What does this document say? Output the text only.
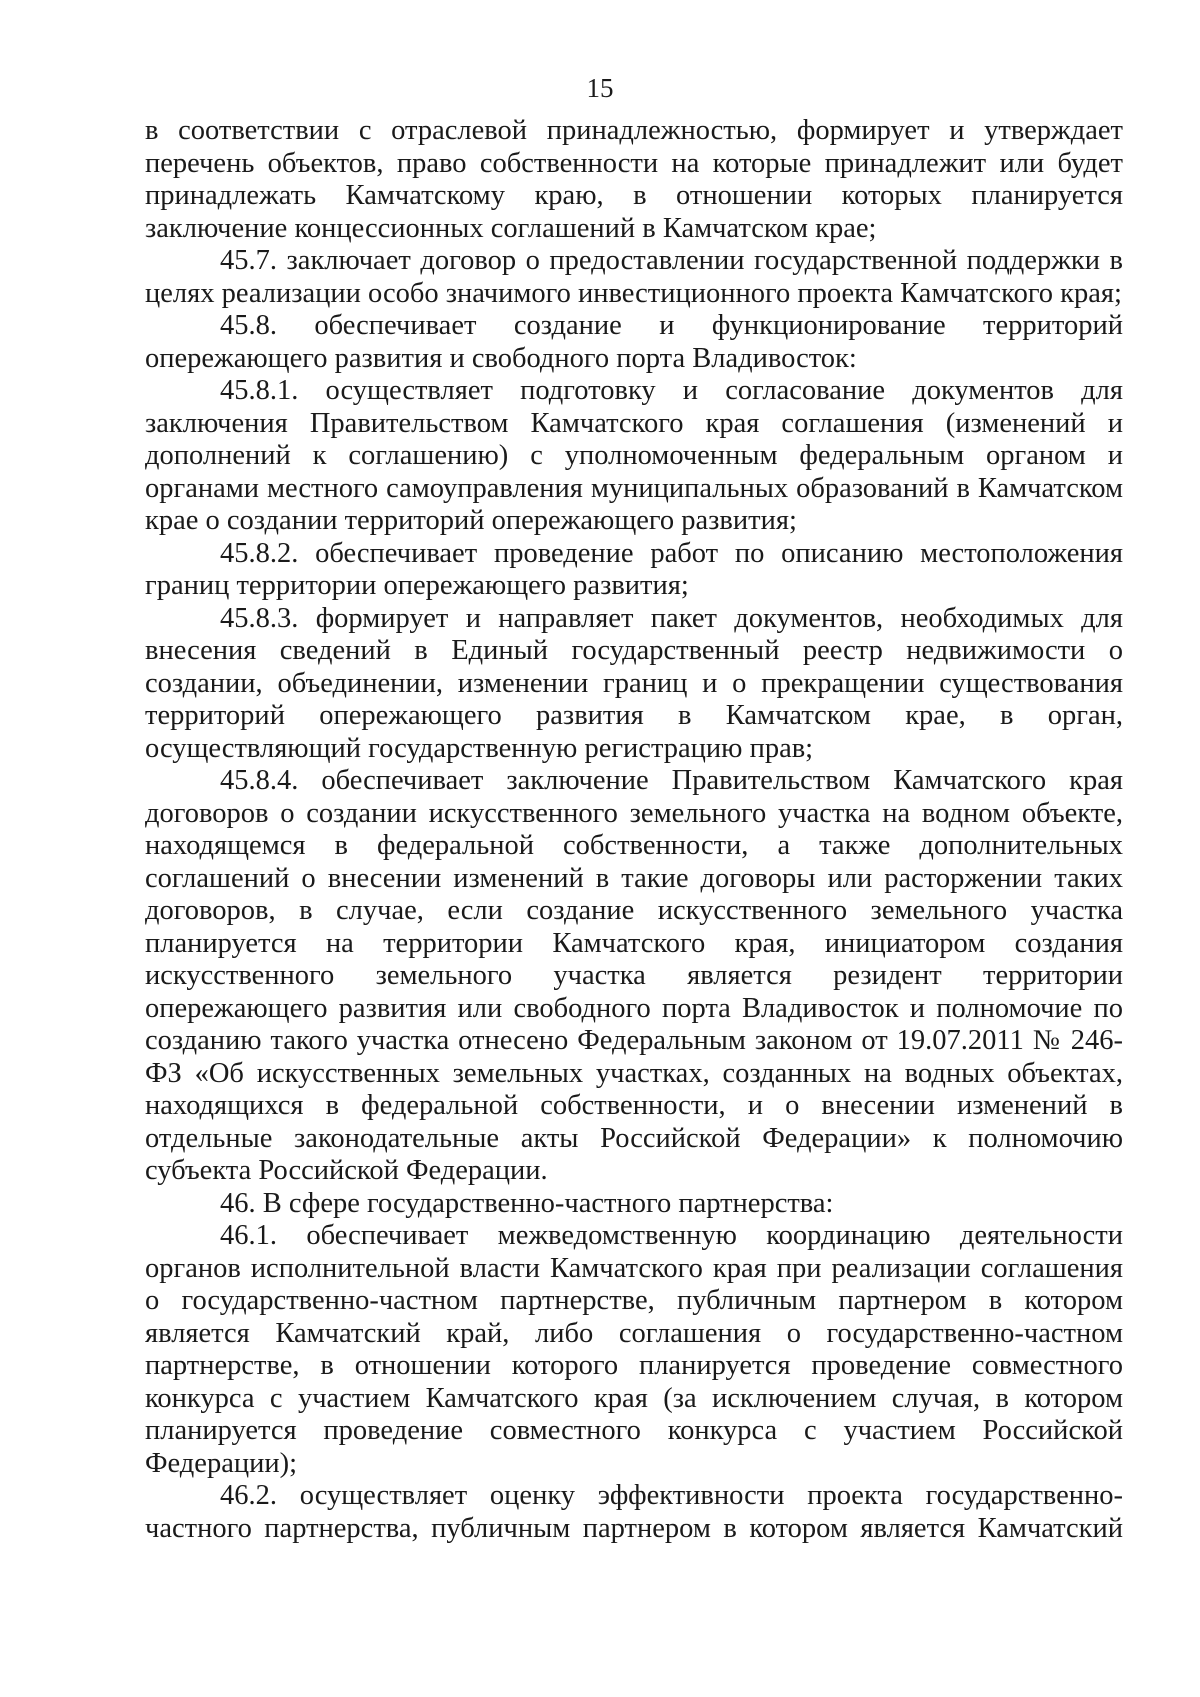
15

в соответствии с отраслевой принадлежностью, формирует и утверждает перечень объектов, право собственности на которые принадлежит или будет принадлежать Камчатскому краю, в отношении которых планируется заключение концессионных соглашений в Камчатском крае;

45.7. заключает договор о предоставлении государственной поддержки в целях реализации особо значимого инвестиционного проекта Камчатского края;

45.8. обеспечивает создание и функционирование территорий опережающего развития и свободного порта Владивосток:

45.8.1. осуществляет подготовку и согласование документов для заключения Правительством Камчатского края соглашения (изменений и дополнений к соглашению) с уполномоченным федеральным органом и органами местного самоуправления муниципальных образований в Камчатском крае о создании территорий опережающего развития;

45.8.2. обеспечивает проведение работ по описанию местоположения границ территории опережающего развития;

45.8.3. формирует и направляет пакет документов, необходимых для внесения сведений в Единый государственный реестр недвижимости о создании, объединении, изменении границ и о прекращении существования территорий опережающего развития в Камчатском крае, в орган, осуществляющий государственную регистрацию прав;

45.8.4. обеспечивает заключение Правительством Камчатского края договоров о создании искусственного земельного участка на водном объекте, находящемся в федеральной собственности, а также дополнительных соглашений о внесении изменений в такие договоры или расторжении таких договоров, в случае, если создание искусственного земельного участка планируется на территории Камчатского края, инициатором создания искусственного земельного участка является резидент территории опережающего развития или свободного порта Владивосток и полномочие по созданию такого участка отнесено Федеральным законом от 19.07.2011 № 246-ФЗ «Об искусственных земельных участках, созданных на водных объектах, находящихся в федеральной собственности, и о внесении изменений в отдельные законодательные акты Российской Федерации» к полномочию субъекта Российской Федерации.

46. В сфере государственно-частного партнерства:

46.1. обеспечивает межведомственную координацию деятельности органов исполнительной власти Камчатского края при реализации соглашения о государственно-частном партнерстве, публичным партнером в котором является Камчатский край, либо соглашения о государственно-частном партнерстве, в отношении которого планируется проведение совместного конкурса с участием Камчатского края (за исключением случая, в котором планируется проведение совместного конкурса с участием Российской Федерации);

46.2. осуществляет оценку эффективности проекта государственно-частного партнерства, публичным партнером в котором является Камчатский
